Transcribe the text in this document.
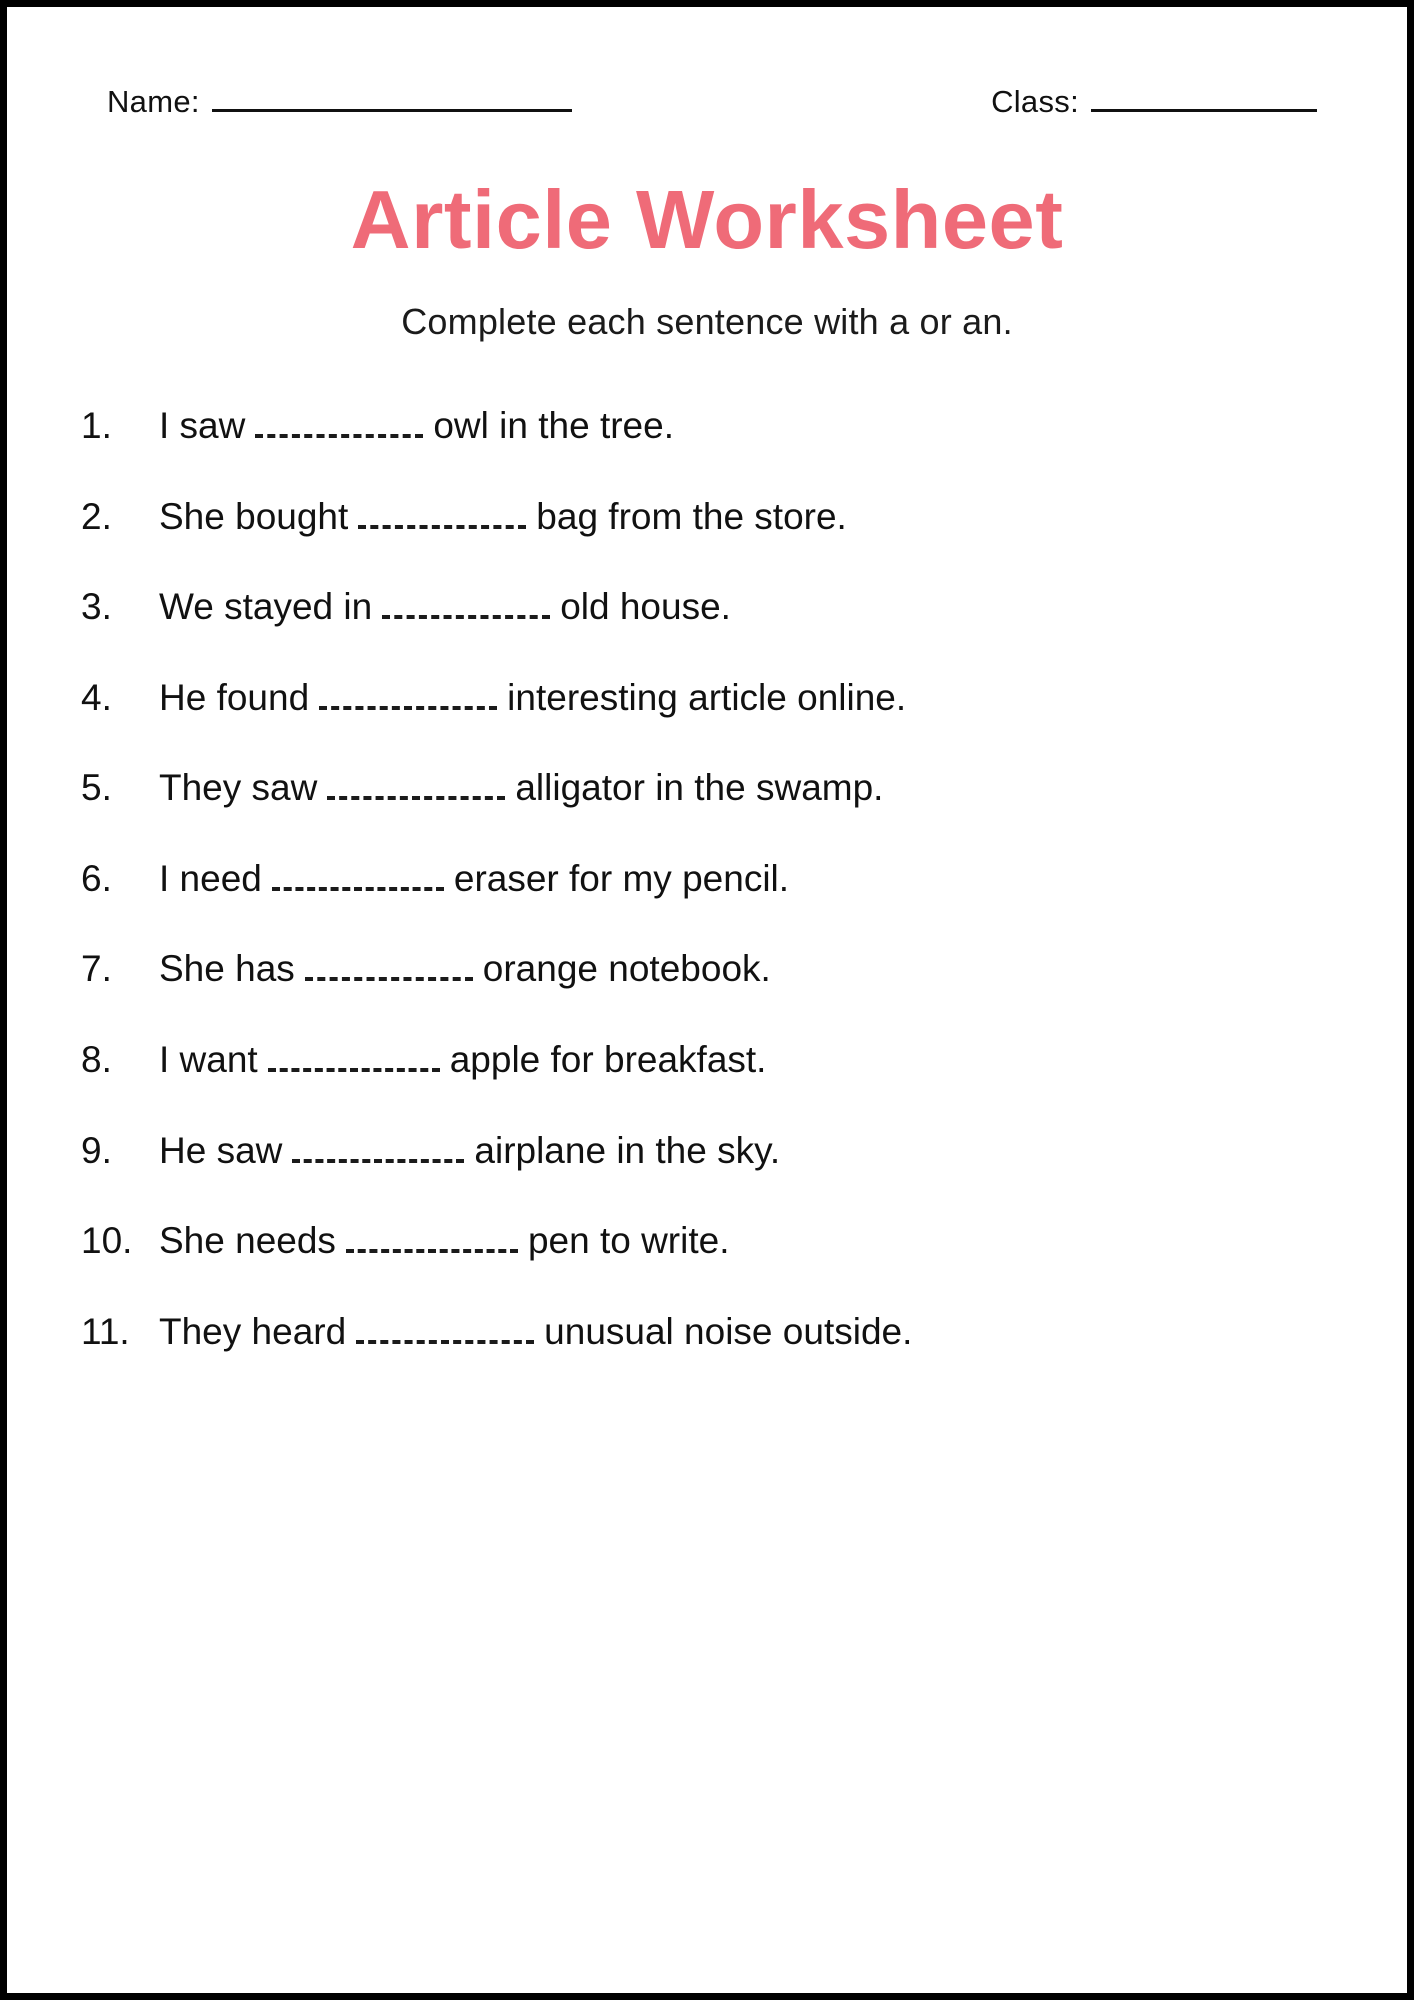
Name:	Class:
Article Worksheet
Complete each sentence with a or an.
1.	I saw	owl in the tree.
2.	She bought	bag from the store.
3.	We stayed in	old house.
4.	He found	interesting article online.
5.	They saw	alligator in the swamp.
6.	I need	eraser for my pencil.
7.	She has	orange notebook.
8.	I want	apple for breakfast.
9.	He saw	airplane in the sky.
10. She needs	pen to write.
11. They heard	unusual noise outside.
